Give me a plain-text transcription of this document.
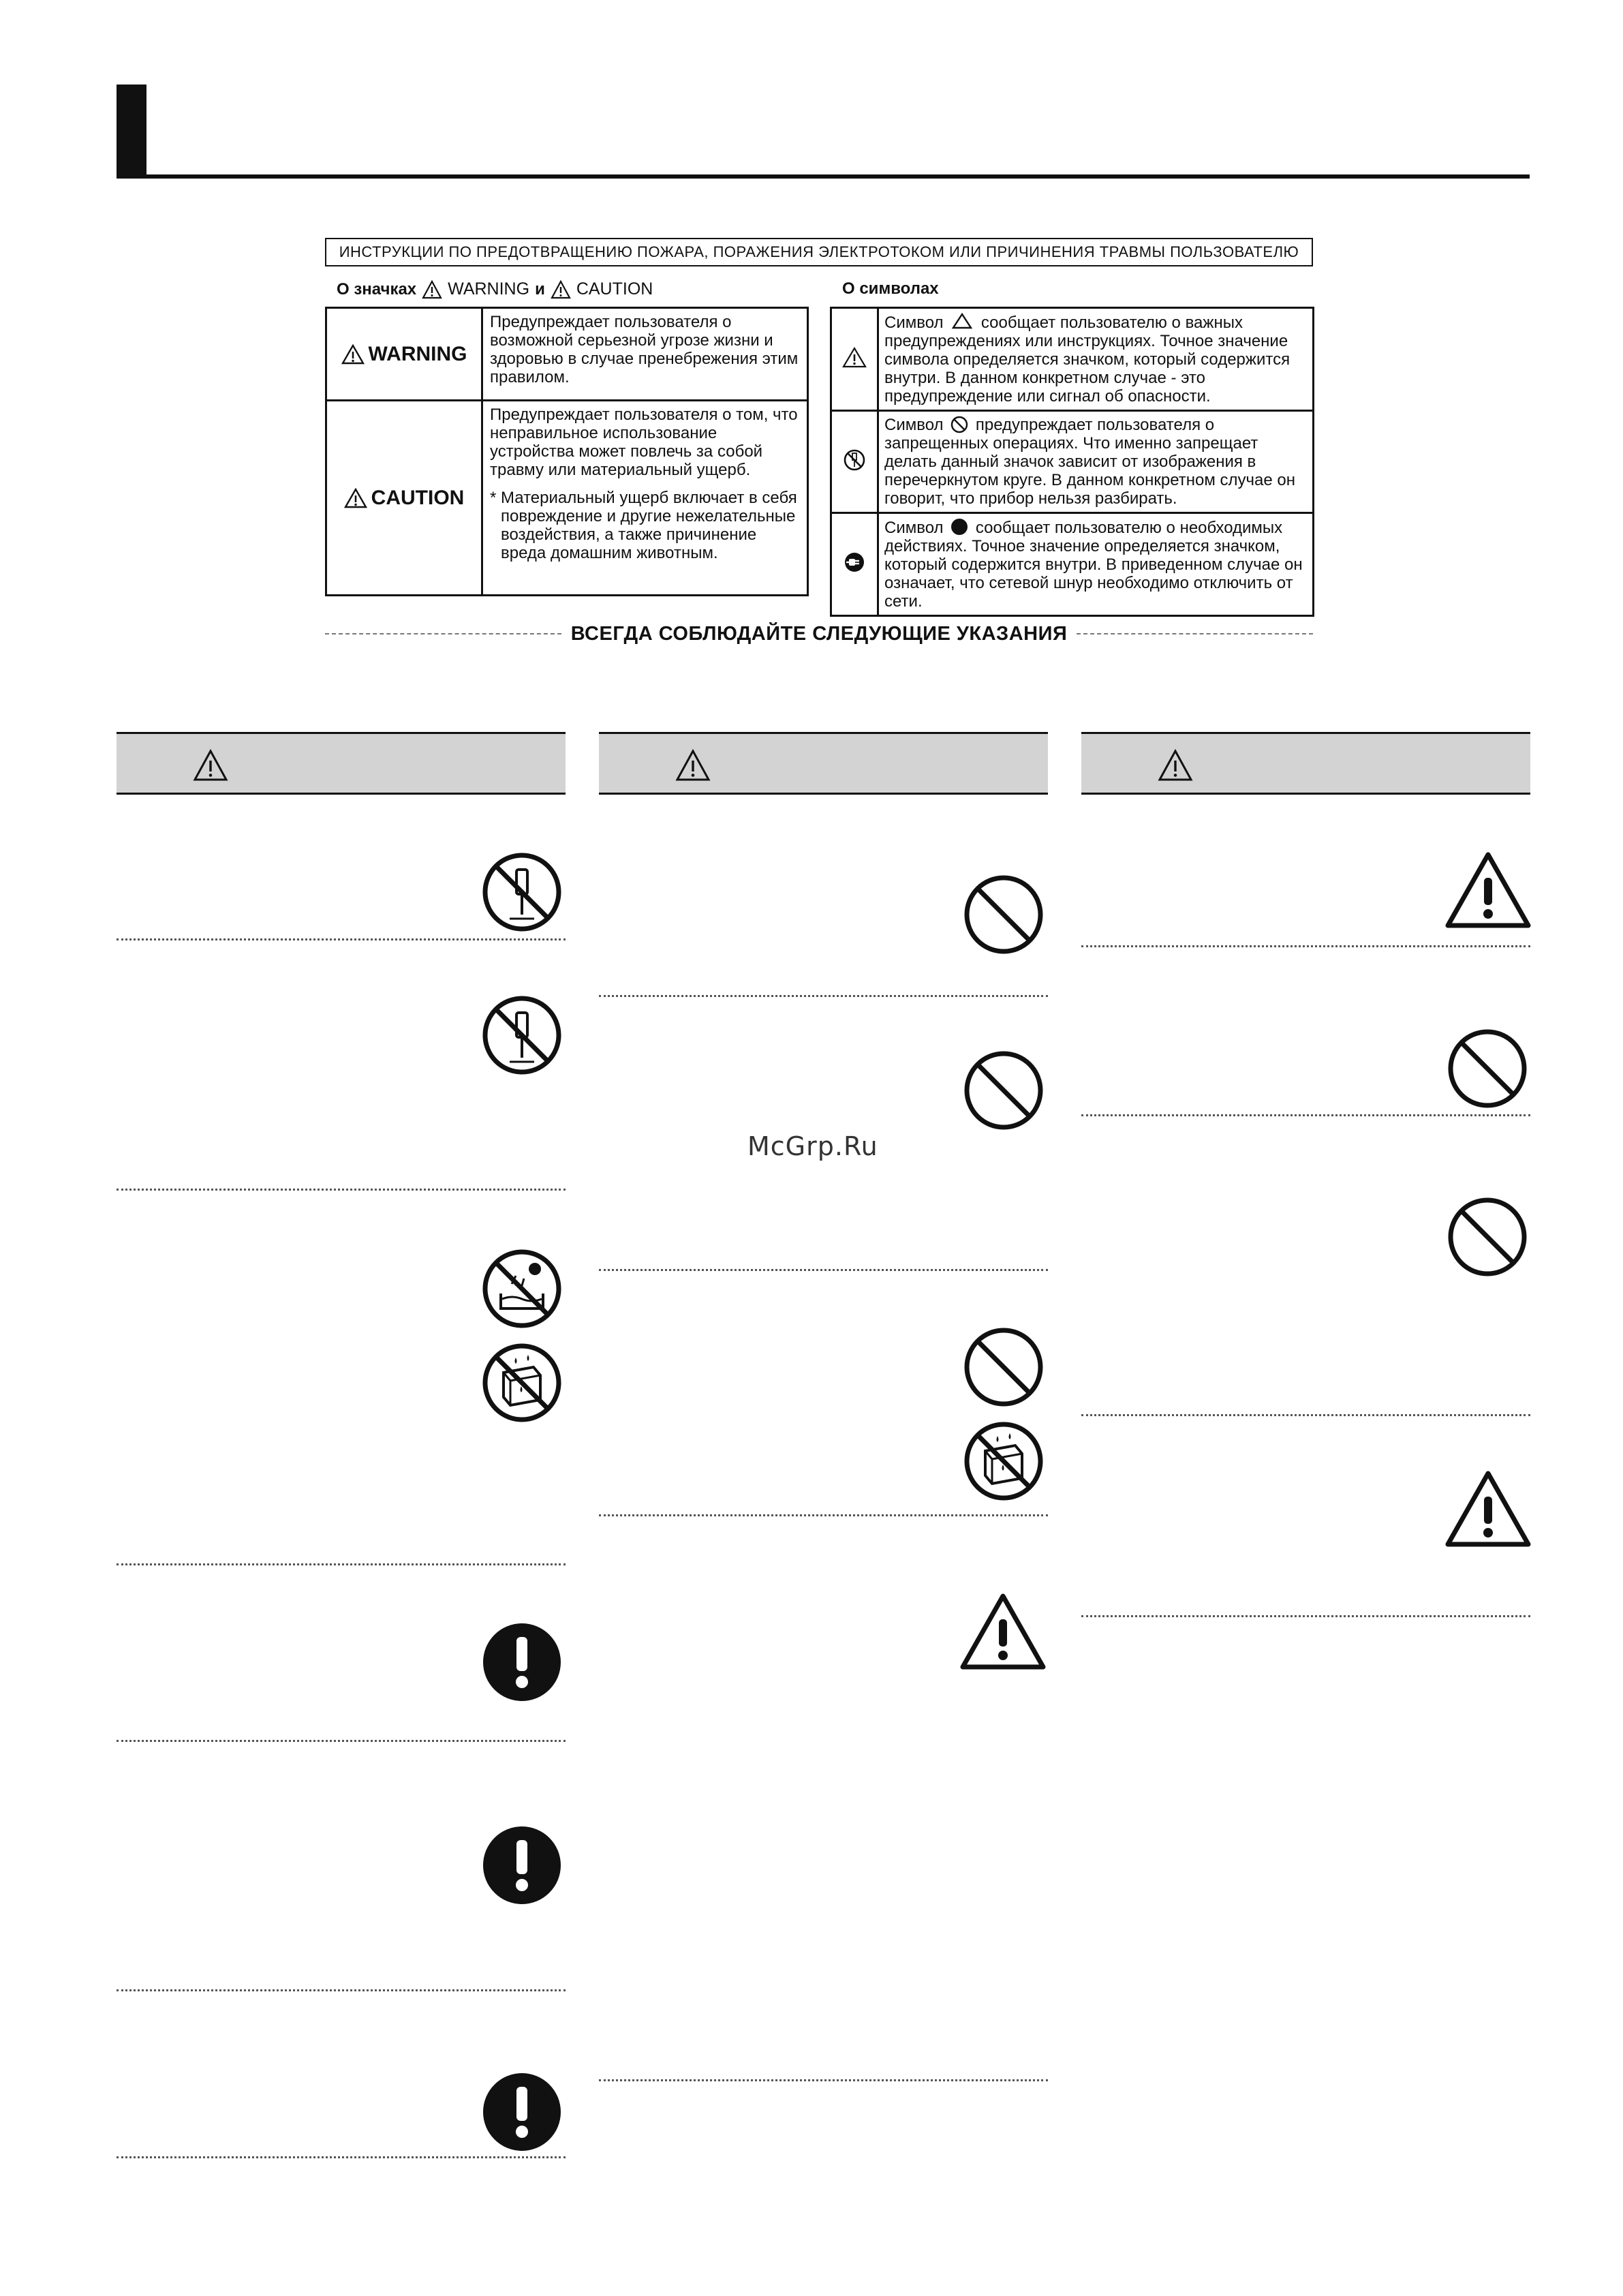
ИНСТРУКЦИИ ПО ПРЕДОТВРАЩЕНИЮ ПОЖАРА, ПОРАЖЕНИЯ ЭЛЕКТРОТОКОМ ИЛИ ПРИЧИНЕНИЯ ТРАВМЫ ПОЛЬЗОВАТЕЛЮ
О значках WARNING и CAUTION
WARNING	Предупреждает пользователя о возможной серьезной угрозе жизни и здоровью в случае пренебрежения этим правилом.

CAUTION	Предупреждает пользователя о том, что неправильное использование устройства может повлечь за собой травму или материальный ущерб.
* Материальный ущерб включает в себя повреждение и другие нежелательные воздействия, а также причинение вреда домашним животным.
О символах
	Символ сообщает пользователю о важных предупреждениях или инструкциях. Точное значение символа определяется значком, который содержится внутри. В данном конкретном случае - это предупреждение или сигнал об опасности.
	Символ предупреждает пользователя о запрещенных операциях. Что именно запрещает делать данный значок зависит от изображения в перечеркнутом круге. В данном конкретном случае он говорит, что прибор нельзя разбирать.
	Символ сообщает пользователю о необходимых действиях. Точное значение определяется значком, который содержится внутри. В приведенном случае он означает, что сетевой шнур необходимо отключить от сети.
ВСЕГДА СОБЛЮДАЙТЕ СЛЕДУЮЩИЕ УКАЗАНИЯ
McGrp.Ru
